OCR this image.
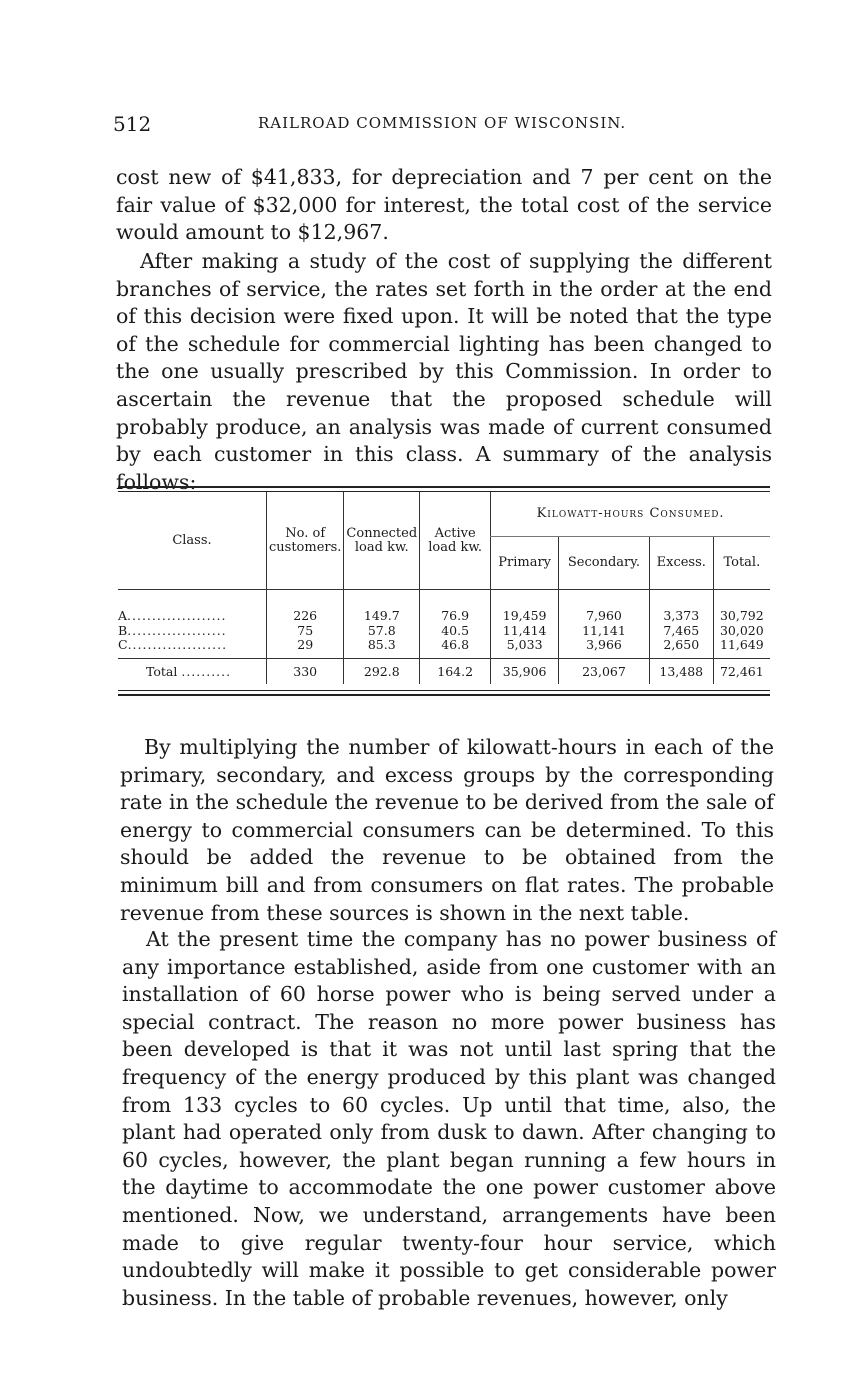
512	RAILROAD COMMISSION OF WISCONSIN.

cost new of $41,833, for depreciation and 7 per cent on the fair value of $32,000 for interest, the total cost of the service would amount to $12,967.

After making a study of the cost of supplying the different branches of service, the rates set forth in the order at the end of this decision were fixed upon. It will be noted that the type of the schedule for commercial lighting has been changed to the one usually prescribed by this Commission. In order to ascertain the revenue that the proposed schedule will probably produce, an analysis was made of current consumed by each customer in this class. A summary of the analysis follows:

Class.	No. of customers.	Connected load kw.	Active load kw.	Kilowatt-hours Consumed.			
				Primary	Secondary.	Excess.	Total.

A....................	226	149.7	76.9	19,459	7,960	3,373	30,792
B....................	75	57.8	40.5	11,414	11,141	7,465	30,020
C....................	29	85.3	46.8	5,033	3,966	2,650	11,649
Total ..........	330	292.8	164.2	35,906	23,067	13,488	72,461

By multiplying the number of kilowatt-hours in each of the primary, secondary, and excess groups by the corresponding rate in the schedule the revenue to be derived from the sale of energy to commercial consumers can be determined. To this should be added the revenue to be obtained from the minimum bill and from consumers on flat rates. The probable revenue from these sources is shown in the next table.

At the present time the company has no power business of any importance established, aside from one customer with an installation of 60 horse power who is being served under a special contract. The reason no more power business has been developed is that it was not until last spring that the frequency of the energy produced by this plant was changed from 133 cycles to 60 cycles. Up until that time, also, the plant had operated only from dusk to dawn. After changing to 60 cycles, however, the plant began running a few hours in the daytime to accommodate the one power customer above mentioned. Now, we understand, arrangements have been made to give regular twenty-four hour service, which undoubtedly will make it possible to get considerable power business. In the table of probable revenues, however, only
